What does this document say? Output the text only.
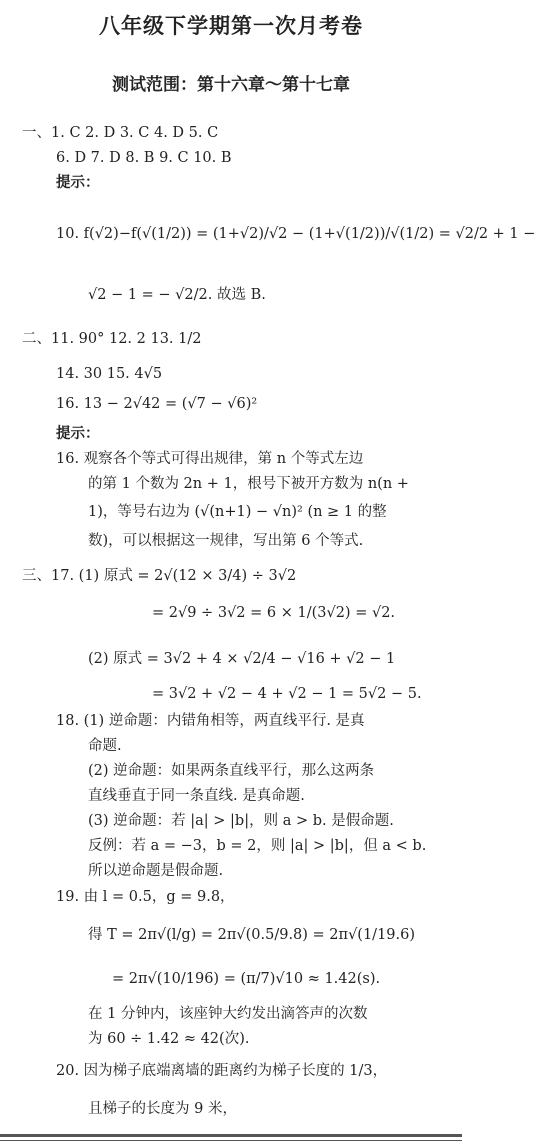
八年级下学期第一次月考卷
测试范围：第十六章～第十七章
一、1. C 2. D 3. C 4. D 5. C
6. D 7. D 8. B 9. C 10. B
提示：
10. f(√2)−f(√(1/2)) = (1+√2)/√2 − (1+√(1/2))/√(1/2) = √2/2 + 1 −
√2 − 1 = − √2/2. 故选 B.
二、11. 90° 12. 2 13. 1/2
14. 30 15. 4√5
16. 13 − 2√42 = (√7 − √6)²
提示：
16. 观察各个等式可得出规律，第 n 个等式左边
的第 1 个数为 2n + 1，根号下被开方数为 n(n +
1)，等号右边为 (√(n+1) − √n)² (n ≥ 1 的整
数)，可以根据这一规律，写出第 6 个等式.
三、17. (1) 原式 = 2√(12 × 3/4) ÷ 3√2
= 2√9 ÷ 3√2 = 6 × 1/(3√2) = √2.
(2) 原式 = 3√2 + 4 × √2/4 − √16 + √2 − 1
= 3√2 + √2 − 4 + √2 − 1 = 5√2 − 5.
18. (1) 逆命题：内错角相等，两直线平行. 是真
命题.
(2) 逆命题：如果两条直线平行，那么这两条
直线垂直于同一条直线. 是真命题.
(3) 逆命题：若 |a| > |b|，则 a > b. 是假命题.
反例：若 a = −3，b = 2，则 |a| > |b|，但 a < b.
所以逆命题是假命题.
19. 由 l = 0.5，g = 9.8，
得 T = 2π√(l/g) = 2π√(0.5/9.8) = 2π√(1/19.6)
= 2π√(10/196) = (π/7)√10 ≈ 1.42(s).
在 1 分钟内，该座钟大约发出滴答声的次数
为 60 ÷ 1.42 ≈ 42(次).
20. 因为梯子底端离墙的距离约为梯子长度的 1/3，
且梯子的长度为 9 米，
